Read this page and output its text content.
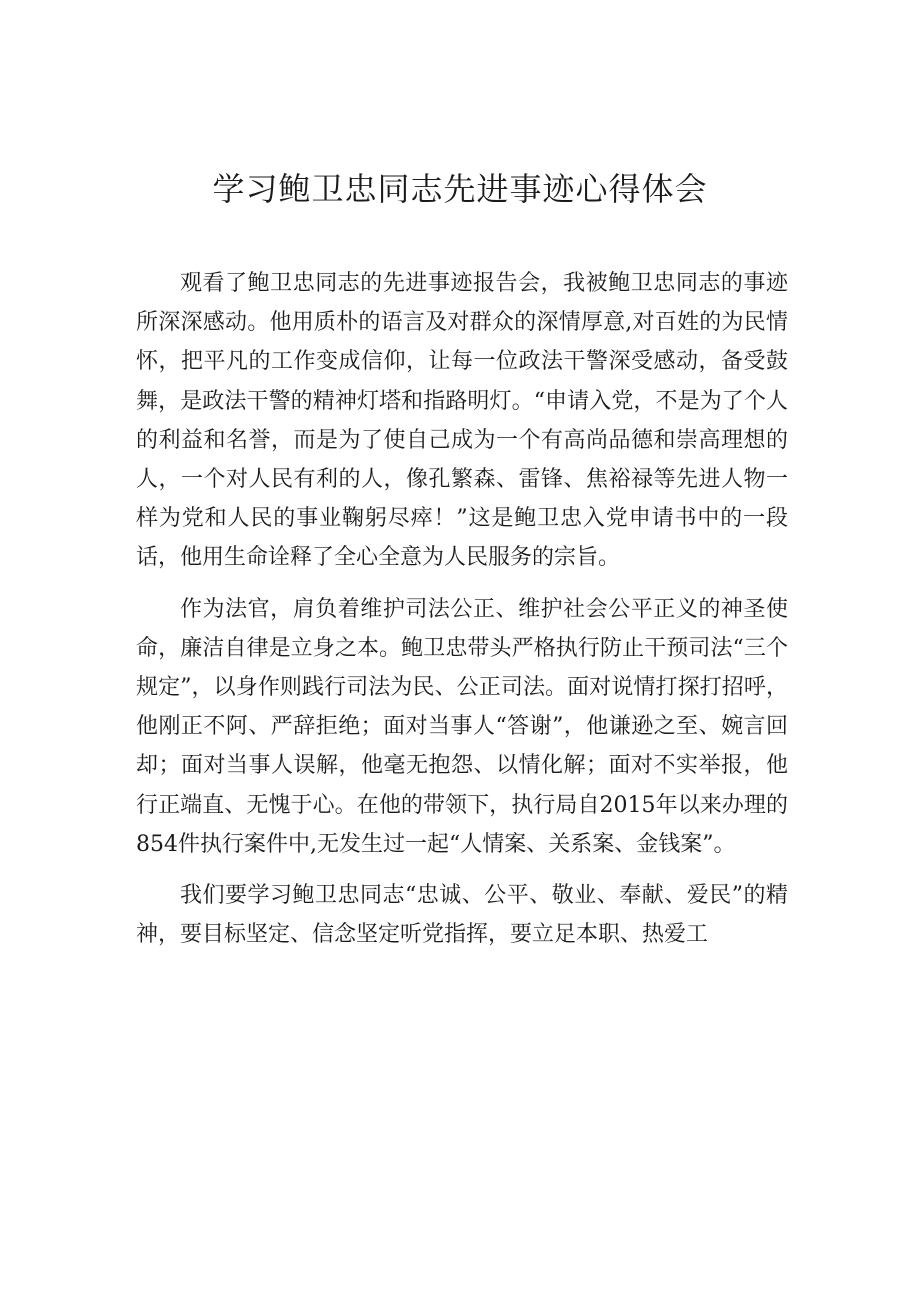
学习鲍卫忠同志先进事迹心得体会

观看了鲍卫忠同志的先进事迹报告会，我被鲍卫忠同志的事迹所深深感动。他用质朴的语言及对群众的深情厚意,对百姓的为民情怀，把平凡的工作变成信仰，让每一位政法干警深受感动，备受鼓舞，是政法干警的精神灯塔和指路明灯。“申请入党，不是为了个人的利益和名誉，而是为了使自己成为一个有高尚品德和崇高理想的人，一个对人民有利的人，像孔繁森、雷锋、焦裕禄等先进人物一样为党和人民的事业鞠躬尽瘁！”这是鲍卫忠入党申请书中的一段话，他用生命诠释了全心全意为人民服务的宗旨。

作为法官，肩负着维护司法公正、维护社会公平正义的神圣使命，廉洁自律是立身之本。鲍卫忠带头严格执行防止干预司法“三个规定”，以身作则践行司法为民、公正司法。面对说情打探打招呼，他刚正不阿、严辞拒绝；面对当事人“答谢”，他谦逊之至、婉言回却；面对当事人误解，他毫无抱怨、以情化解；面对不实举报，他行正端直、无愧于心。在他的带领下，执行局自2015年以来办理的854件执行案件中,无发生过一起“人情案、关系案、金钱案”。

我们要学习鲍卫忠同志“忠诚、公平、敬业、奉献、爱民”的精神，要目标坚定、信念坚定听党指挥，要立足本职、热爱工
